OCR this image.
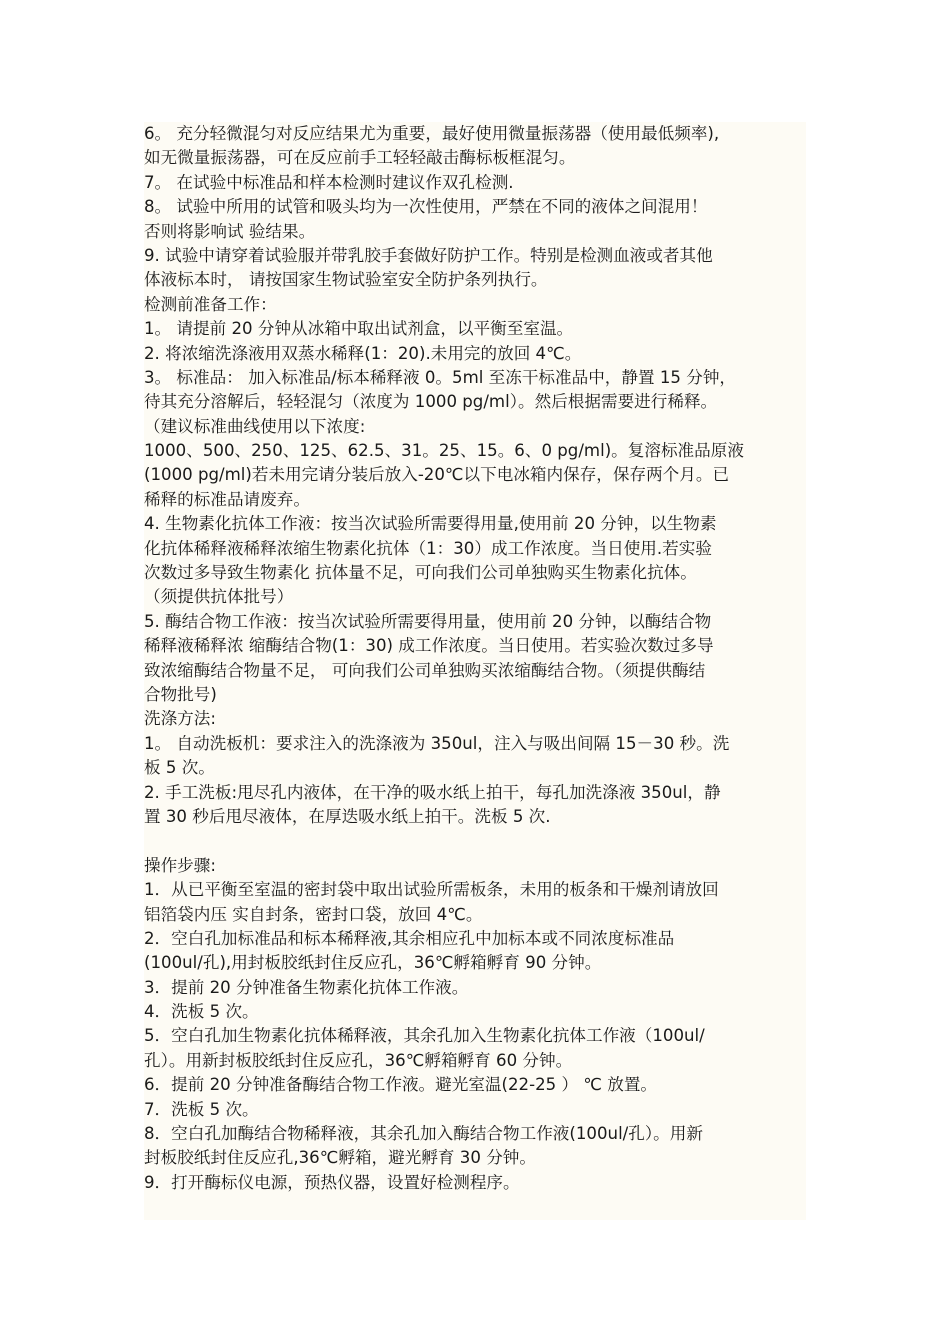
6。 充分轻微混匀对反应结果尤为重要，最好使用微量振荡器（使用最低频率),
如无微量振荡器，可在反应前手工轻轻敲击酶标板框混匀。
7。 在试验中标准品和样本检测时建议作双孔检测.
8。 试验中所用的试管和吸头均为一次性使用，严禁在不同的液体之间混用！
否则将影响试 验结果。
9. 试验中请穿着试验服并带乳胶手套做好防护工作。特别是检测血液或者其他
体液标本时， 请按国家生物试验室安全防护条列执行。
检测前准备工作：
1。 请提前 20 分钟从冰箱中取出试剂盒，以平衡至室温。
2. 将浓缩洗涤液用双蒸水稀释(1：20).未用完的放回 4℃。
3。 标准品： 加入标准品/标本稀释液 0。5ml 至冻干标准品中，静置 15 分钟，
待其充分溶解后，轻轻混匀（浓度为 1000 pg/ml）。然后根据需要进行稀释。
（建议标准曲线使用以下浓度:
1000、500、250、125、62.5、31。25、15。6、0 pg/ml)。复溶标准品原液
(1000 pg/ml)若未用完请分装后放入-20℃以下电冰箱内保存，保存两个月。已
稀释的标准品请废弃。
4. 生物素化抗体工作液：按当次试验所需要得用量,使用前 20 分钟，以生物素
化抗体稀释液稀释浓缩生物素化抗体（1：30）成工作浓度。当日使用.若实验
次数过多导致生物素化 抗体量不足，可向我们公司单独购买生物素化抗体。
（须提供抗体批号）
5. 酶结合物工作液：按当次试验所需要得用量，使用前 20 分钟，以酶结合物
稀释液稀释浓 缩酶结合物(1：30) 成工作浓度。当日使用。若实验次数过多导
致浓缩酶结合物量不足， 可向我们公司单独购买浓缩酶结合物。（须提供酶结
合物批号)
洗涤方法:
1。 自动洗板机：要求注入的洗涤液为 350ul，注入与吸出间隔 15－30 秒。洗
板 5 次。
2. 手工洗板:甩尽孔内液体，在干净的吸水纸上拍干，每孔加洗涤液 350ul，静
置 30 秒后甩尽液体，在厚迭吸水纸上拍干。洗板 5 次.
操作步骤:
1．从已平衡至室温的密封袋中取出试验所需板条，未用的板条和干燥剂请放回
铝箔袋内压 实自封条，密封口袋，放回 4℃。
2．空白孔加标准品和标本稀释液,其余相应孔中加标本或不同浓度标准品
(100ul/孔),用封板胶纸封住反应孔，36℃孵箱孵育 90 分钟。
3．提前 20 分钟准备生物素化抗体工作液。
4．洗板 5 次。
5．空白孔加生物素化抗体稀释液，其余孔加入生物素化抗体工作液（100ul/
孔）。用新封板胶纸封住反应孔，36℃孵箱孵育 60 分钟。
6．提前 20 分钟准备酶结合物工作液。避光室温(22-25 ） ℃ 放置。
7．洗板 5 次。
8．空白孔加酶结合物稀释液，其余孔加入酶结合物工作液(100ul/孔）。用新
封板胶纸封住反应孔,36℃孵箱，避光孵育 30 分钟。
9．打开酶标仪电源，预热仪器，设置好检测程序。
